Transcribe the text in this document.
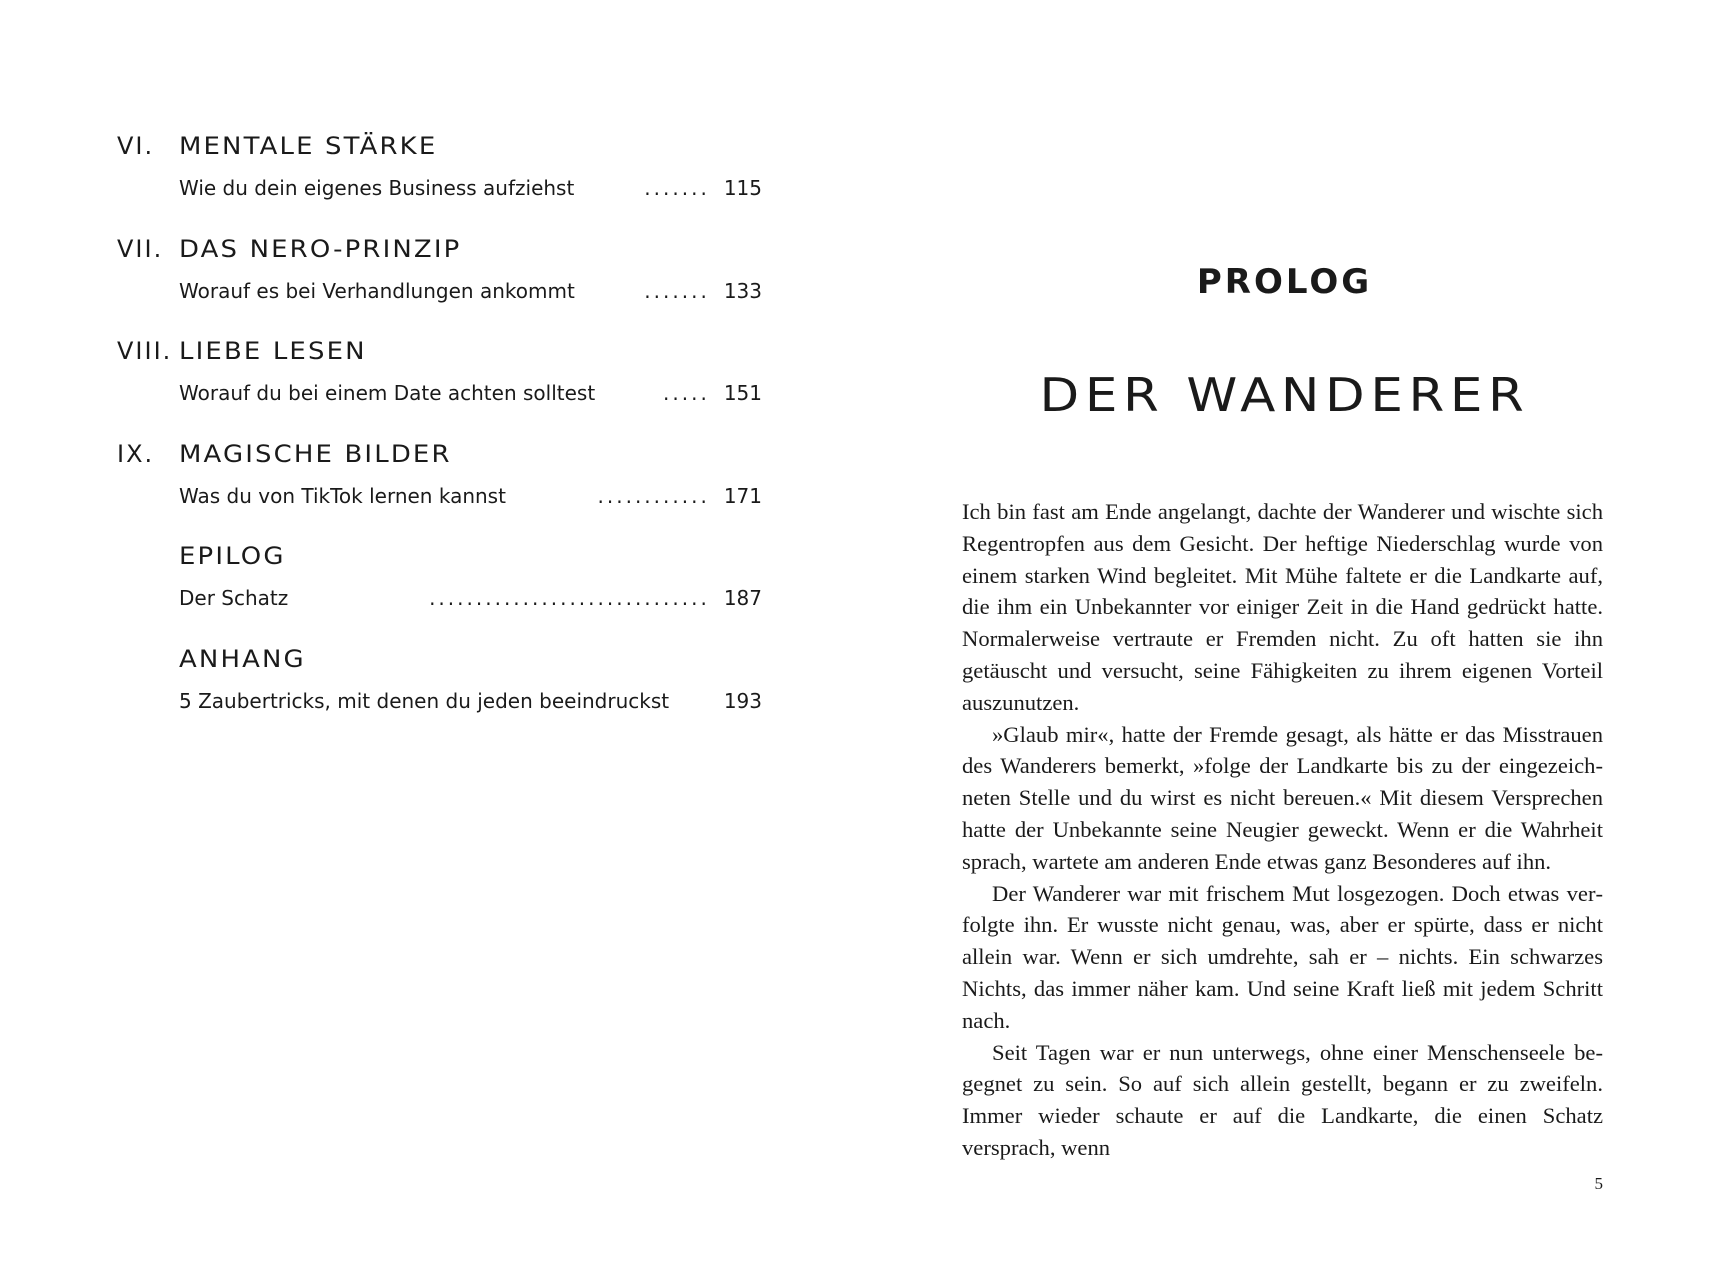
VI. MENTALE STÄRKE
Wie du dein eigenes Business aufziehst	....... 115
VII. DAS NERO-PRINZIP
Worauf es bei Verhandlungen ankommt	....... 133
VIII. LIEBE LESEN
Worauf du bei einem Date achten solltest	..... 151
IX. MAGISCHE BILDER
Was du von TikTok lernen kannst	............ 171
EPILOG
Der Schatz	.............................. 187
ANHANG
5 Zaubertricks, mit denen du jeden beeindruckst	193
PROLOG
DER WANDERER

Ich bin fast am Ende angelangt, dachte der Wanderer und wischte sich Regentropfen aus dem Gesicht. Der heftige Niederschlag wurde von einem starken Wind begleitet. Mit Mühe faltete er die Landkarte auf, die ihm ein Unbekannter vor einiger Zeit in die Hand gedrückt hatte. Normalerweise vertraute er Fremden nicht. Zu oft hatten sie ihn getäuscht und versucht, seine Fähigkeiten zu ihrem eigenen Vorteil auszunutzen.

»Glaub mir«, hatte der Fremde gesagt, als hätte er das Misstrauen des Wanderers bemerkt, »folge der Landkarte bis zu der eingezeichneten Stelle und du wirst es nicht bereuen.« Mit diesem Versprechen hatte der Unbekannte seine Neugier geweckt. Wenn er die Wahrheit sprach, wartete am anderen Ende etwas ganz Besonderes auf ihn.

Der Wanderer war mit frischem Mut losgezogen. Doch etwas verfolgte ihn. Er wusste nicht genau, was, aber er spürte, dass er nicht allein war. Wenn er sich umdrehte, sah er – nichts. Ein schwarzes Nichts, das immer näher kam. Und seine Kraft ließ mit jedem Schritt nach.

Seit Tagen war er nun unterwegs, ohne einer Menschenseele begegnet zu sein. So auf sich allein gestellt, begann er zu zweifeln. Immer wieder schaute er auf die Landkarte, die einen Schatz versprach, wenn

5
